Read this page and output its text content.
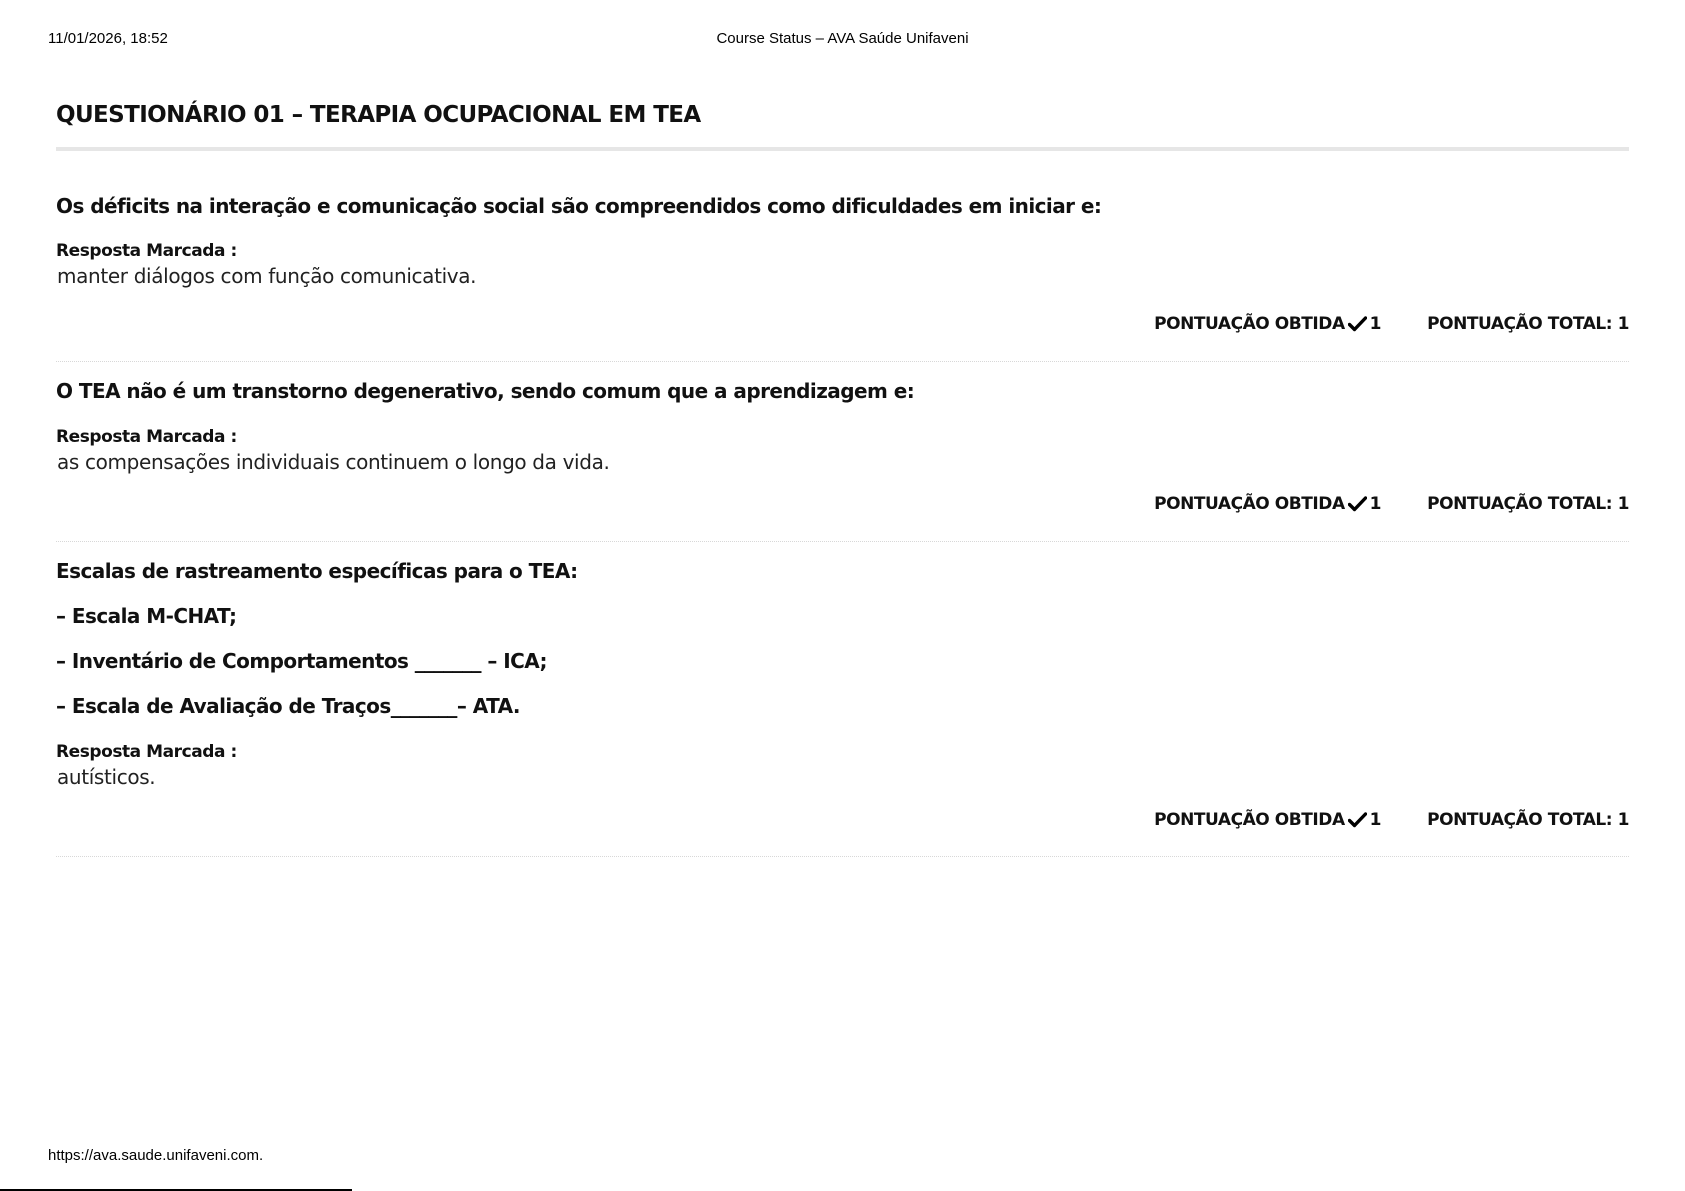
11/01/2026, 18:52	Course Status – AVA Saúde Unifaveni
QUESTIONÁRIO 01 – TERAPIA OCUPACIONAL EM TEA
Os déficits na interação e comunicação social são compreendidos como dificuldades em iniciar e:
Resposta Marcada :
manter diálogos com função comunicativa.
PONTUAÇÃO OBTIDA 1	PONTUAÇÃO TOTAL: 1
O TEA não é um transtorno degenerativo, sendo comum que a aprendizagem e:
Resposta Marcada :
as compensações individuais continuem o longo da vida.
PONTUAÇÃO OBTIDA 1	PONTUAÇÃO TOTAL: 1
Escalas de rastreamento específicas para o TEA:
– Escala M-CHAT;
– Inventário de Comportamentos _______ – ICA;
– Escala de Avaliação de Traços_______– ATA.
Resposta Marcada :
autísticos.
PONTUAÇÃO OBTIDA 1	PONTUAÇÃO TOTAL: 1
https://ava.saude.unifaveni.com.
